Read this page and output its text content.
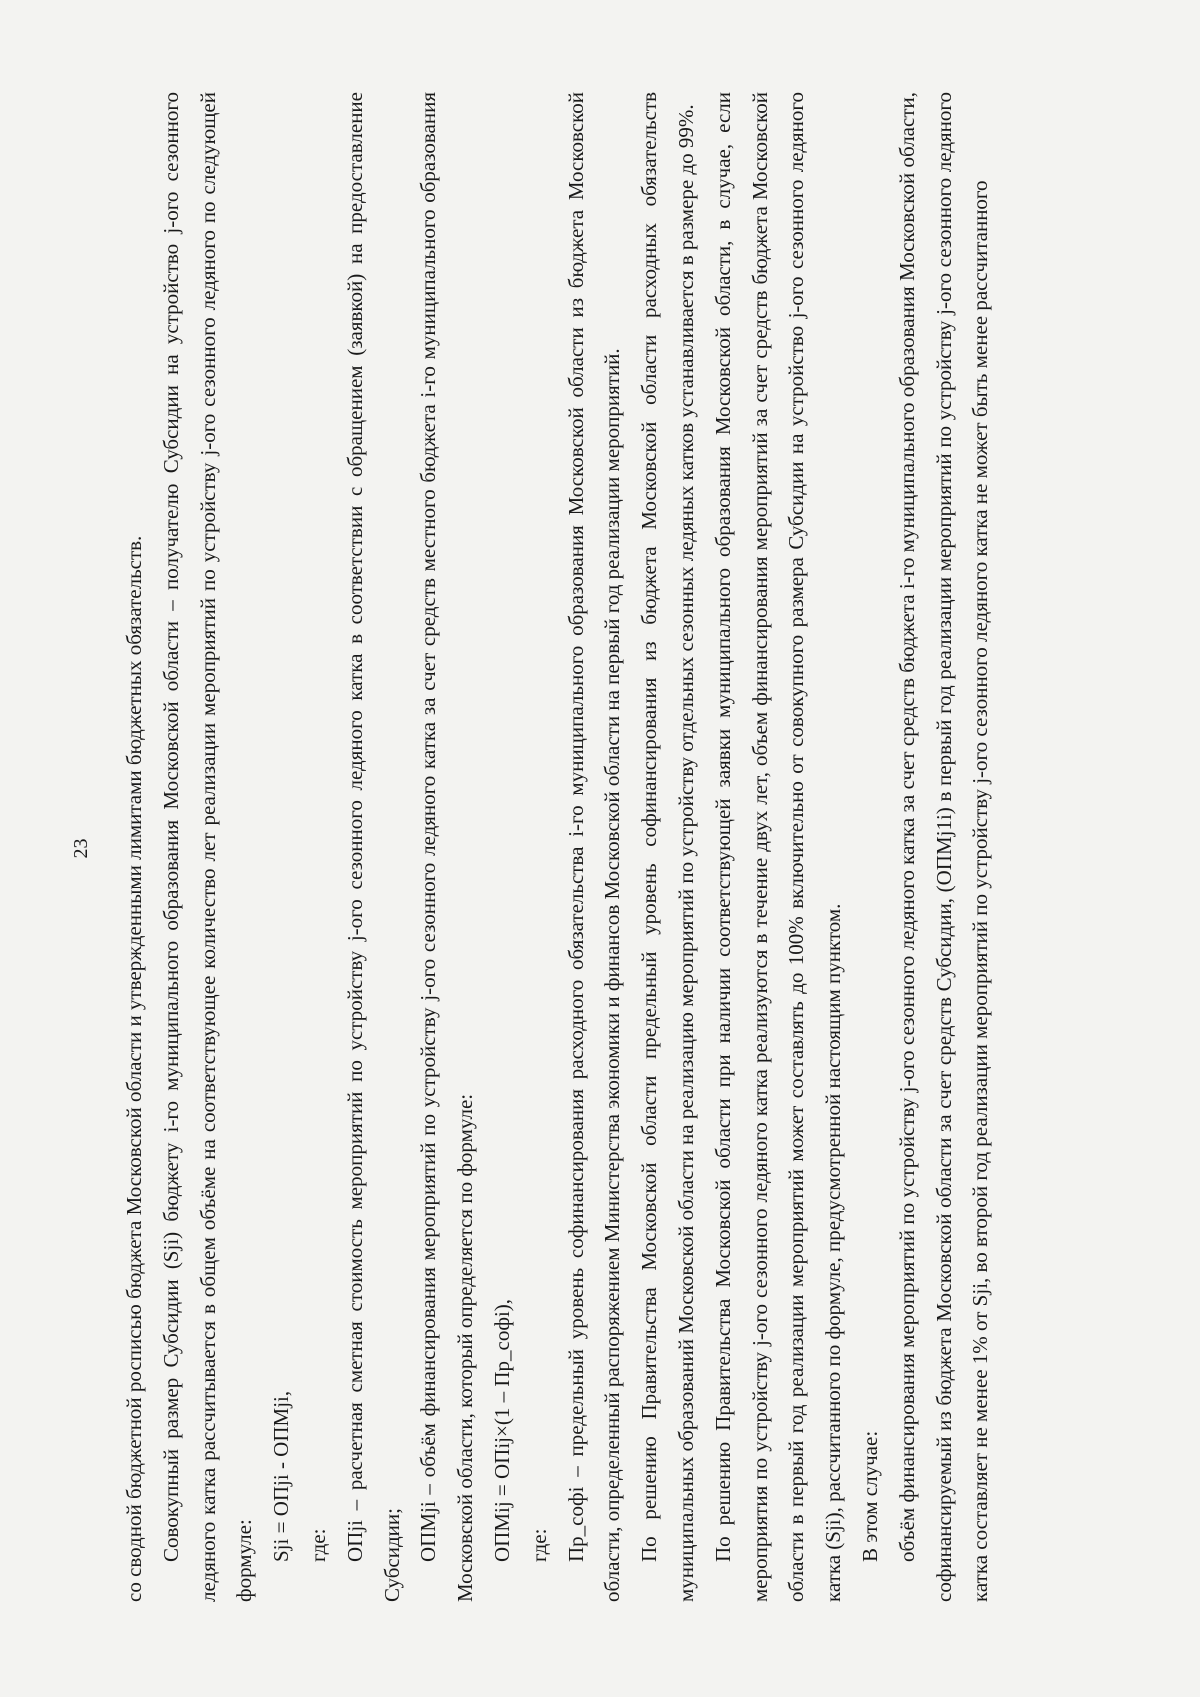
23 со сводной бюджетной росписью бюджета Московской области и утвержденными лимитами бюджетных обязательств. Совокупный размер Субсидии (Sji) бюджету i-го муниципального образования Московской области – получателю Субсидии на устройство j-ого сезонного ледяного катка рассчитывается в общем объёме на соответствующее количество лет реализации мероприятий по устройству j-ого сезонного ледяного по следующей формуле: Sji = ОПji - ОПМji, где: ОПji – расчетная сметная стоимость мероприятий по устройству j-ого сезонного ледяного катка в соответствии с обращением (заявкой) на предоставление Субсидии; ОПМji – объём финансирования мероприятий по устройству j-ого сезонного ледяного катка за счет средств местного бюджета i-го муниципального образования Московской области, который определяется по формуле: ОПМij = ОПij×(1 – Пр_софi), где: Пр_софi – предельный уровень софинансирования расходного обязательства i-го муниципального образования Московской области из бюджета Московской области, определенный распоряжением Министерства экономики и финансов Московской области на первый год реализации мероприятий. По решению Правительства Московской области предельный уровень софинансирования из бюджета Московской области расходных обязательств муниципальных образований Московской области на реализацию мероприятий по устройству отдельных сезонных ледяных катков устанавливается в размере до 99%. По решению Правительства Московской области при наличии соответствующей заявки муниципального образования Московской области, в случае, если мероприятия по устройству j-ого сезонного ледяного катка реализуются в течение двух лет, объем финансирования мероприятий за счет средств бюджета Московской области в первый год реализации мероприятий может составлять до 100% включительно от совокупного размера Субсидии на устройство j-ого сезонного ледяного катка (Sji), рассчитанного по формуле, предусмотренной настоящим пунктом. В этом случае: объём финансирования мероприятий по устройству j-ого сезонного ледяного катка за счет средств бюджета i-го муниципального образования Московской области, софинансируемый из бюджета Московской области за счет средств Субсидии, (ОПМj1i) в первый год реализации мероприятий по устройству j-ого сезонного ледяного катка составляет не менее 1% от Sji, во второй год реализации мероприятий по устройству j-ого сезонного ледяного катка не может быть менее рассчитанного
